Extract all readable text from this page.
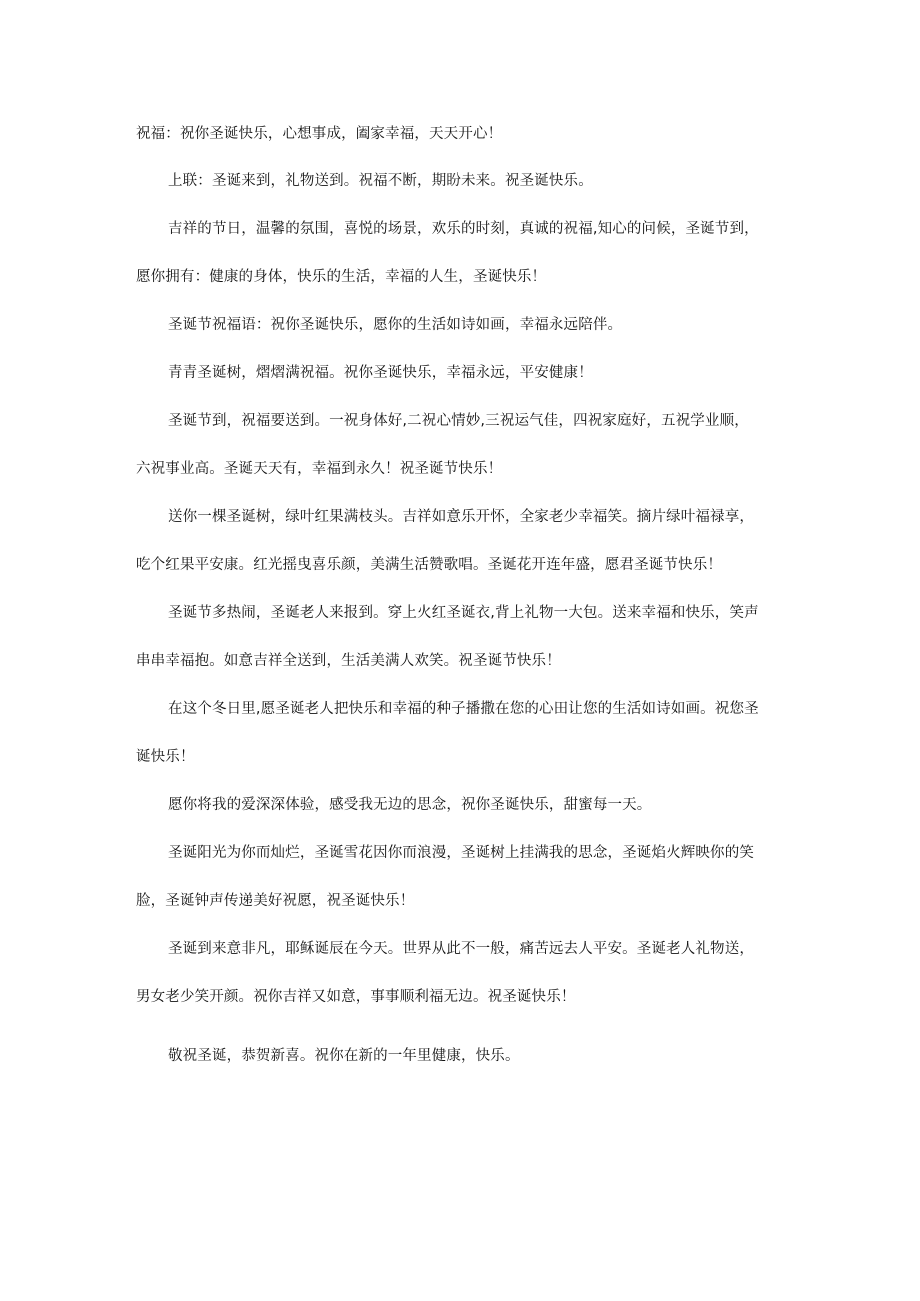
祝福：祝你圣诞快乐，心想事成，阖家幸福，天天开心！
上联：圣诞来到，礼物送到。祝福不断，期盼未来。祝圣诞快乐。
吉祥的节日，温馨的氛围，喜悦的场景，欢乐的时刻，真诚的祝福,知心的问候，圣诞节到，
愿你拥有：健康的身体，快乐的生活，幸福的人生，圣诞快乐！
圣诞节祝福语：祝你圣诞快乐，愿你的生活如诗如画，幸福永远陪伴。
青青圣诞树，熠熠满祝福。祝你圣诞快乐，幸福永远，平安健康！
圣诞节到，祝福要送到。一祝身体好,二祝心情妙,三祝运气佳，四祝家庭好，五祝学业顺，
六祝事业高。圣诞天天有，幸福到永久！祝圣诞节快乐！
送你一棵圣诞树，绿叶红果满枝头。吉祥如意乐开怀，全家老少幸福笑。摘片绿叶福禄享，
吃个红果平安康。红光摇曳喜乐颜，美满生活赞歌唱。圣诞花开连年盛，愿君圣诞节快乐！
圣诞节多热闹，圣诞老人来报到。穿上火红圣诞衣,背上礼物一大包。送来幸福和快乐，笑声
串串幸福抱。如意吉祥全送到，生活美满人欢笑。祝圣诞节快乐！
在这个冬日里,愿圣诞老人把快乐和幸福的种子播撒在您的心田让您的生活如诗如画。祝您圣
诞快乐！
愿你将我的爱深深体验，感受我无边的思念，祝你圣诞快乐，甜蜜每一天。
圣诞阳光为你而灿烂，圣诞雪花因你而浪漫，圣诞树上挂满我的思念，圣诞焰火辉映你的笑
脸，圣诞钟声传递美好祝愿，祝圣诞快乐！
圣诞到来意非凡，耶稣诞辰在今天。世界从此不一般，痛苦远去人平安。圣诞老人礼物送，
男女老少笑开颜。祝你吉祥又如意，事事顺利福无边。祝圣诞快乐！
敬祝圣诞，恭贺新喜。祝你在新的一年里健康，快乐。
